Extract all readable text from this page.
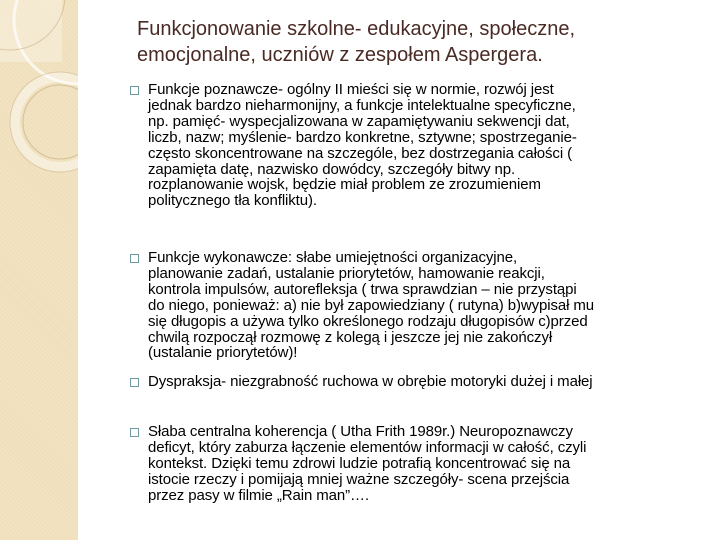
Funkcjonowanie szkolne- edukacyjne, społeczne,
emocjonalne, uczniów z zespołem Aspergera.
Funkcje poznawcze- ogólny II mieści się w normie, rozwój jest
jednak bardzo nieharmonijny, a funkcje intelektualne specyficzne,
np. pamięć- wyspecjalizowana w zapamiętywaniu sekwencji dat,
liczb, nazw; myślenie- bardzo konkretne, sztywne; spostrzeganie-
często skoncentrowane na szczególe, bez dostrzegania całości (
zapamięta datę, nazwisko dowódcy, szczegóły bitwy np.
rozplanowanie wojsk, będzie miał problem ze zrozumieniem
politycznego tła konfliktu).
Funkcje wykonawcze: słabe umiejętności organizacyjne,
planowanie zadań, ustalanie priorytetów, hamowanie reakcji,
kontrola impulsów, autorefleksja ( trwa sprawdzian – nie przystąpi
do niego, ponieważ: a) nie był zapowiedziany ( rutyna) b)wypisał mu
się długopis a używa tylko określonego rodzaju długopisów c)przed
chwilą rozpoczął rozmowę z kolegą i jeszcze jej nie zakończył
(ustalanie priorytetów)!
Dyspraksja- niezgrabność ruchowa w obrębie motoryki dużej i małej
Słaba centralna koherencja ( Utha Frith 1989r.) Neuropoznawczy
deficyt, który zaburza łączenie elementów informacji w całość, czyli
kontekst. Dzięki temu zdrowi ludzie potrafią koncentrować się na
istocie rzeczy i pomijają mniej ważne szczegóły- scena przejścia
przez pasy w filmie „Rain man”….
